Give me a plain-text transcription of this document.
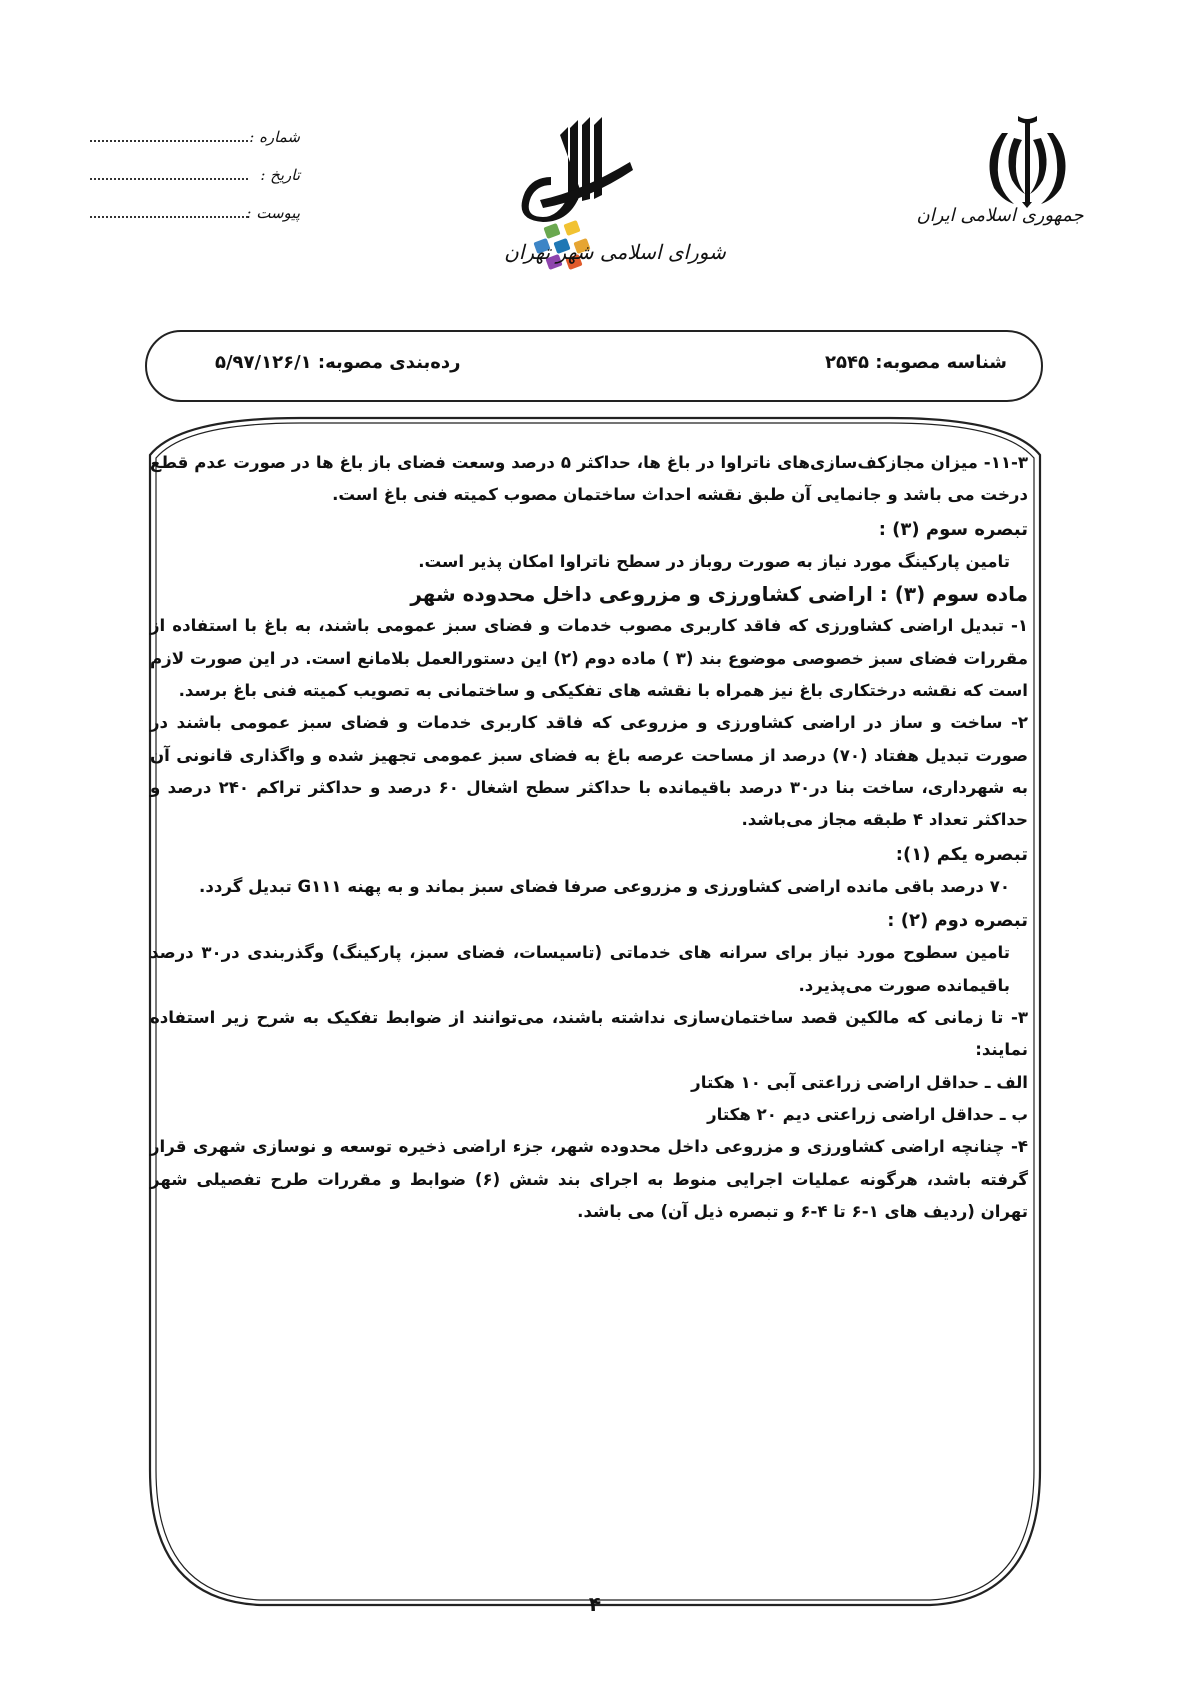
شماره :
تاریخ :
پیوست :
شورای اسلامی شهر تهران
جمهوری اسلامی ایران
شناسه مصوبه: ۲۵۴۵
رده‌بندی مصوبه: ۵/۹۷/۱۲۶/۱

۱۱-۳- میزان مجازکف‌سازی‌های ناتراوا در باغ ها، حداکثر ۵ درصد وسعت فضای باز باغ ها در صورت عدم قطع درخت می باشد و جانمایی آن طبق نقشه احداث ساختمان مصوب کمیته فنی باغ است.

تبصره سوم (۳) :

تامین پارکینگ مورد نیاز به صورت روباز در سطح ناتراوا امکان پذیر است.

ماده سوم (۳) : اراضی کشاورزی و مزروعی داخل محدوده شهر

۱- تبدیل اراضی کشاورزی که فاقد کاربری مصوب خدمات و فضای سبز عمومی باشند، به باغ با استفاده از مقررات فضای سبز خصوصی موضوع بند (۳ ) ماده دوم (۲) این دستورالعمل بلامانع است. در این صورت لازم است که نقشه درختکاری باغ نیز همراه با نقشه های تفکیکی و ساختمانی به تصویب کمیته فنی باغ برسد.

۲- ساخت و ساز در اراضی کشاورزی و مزروعی که فاقد کاربری خدمات و فضای سبز عمومی باشند در صورت تبدیل هفتاد (۷۰) درصد از مساحت عرصه باغ به فضای سبز عمومی تجهیز شده و واگذاری قانونی آن به شهرداری، ساخت بنا در۳۰ درصد باقیمانده با حداکثر سطح اشغال ۶۰ درصد و حداکثر تراکم ۲۴۰ درصد و حداکثر تعداد ۴ طبقه مجاز می‌باشد.

تبصره یکم (۱):

۷۰ درصد باقی مانده اراضی کشاورزی و مزروعی صرفا فضای سبز بماند و به پهنه G۱۱۱ تبدیل گردد.

تبصره دوم (۲) :

تامین سطوح مورد نیاز برای سرانه های خدماتی (تاسیسات، فضای سبز، پارکینگ) وگذربندی در۳۰ درصد باقیمانده صورت می‌پذیرد.

۳- تا زمانی که مالکین قصد ساختمان‌سازی نداشته باشند، می‌توانند از ضوابط تفکیک به شرح زیر استفاده نمایند:

الف ـ حداقل اراضی زراعتی آبی ۱۰ هکتار

ب ـ حداقل اراضی زراعتی دیم ۲۰ هکتار

۴- چنانچه اراضی کشاورزی و مزروعی داخل محدوده شهر، جزء اراضی ذخیره توسعه و نوسازی شهری قرار گرفته باشد، هرگونه عملیات اجرایی منوط به اجرای بند شش (۶) ضوابط و مقررات طرح تفصیلی شهر تهران (ردیف های ۱-۶ تا ۴-۶ و تبصره ذیل آن) می باشد.

۴
